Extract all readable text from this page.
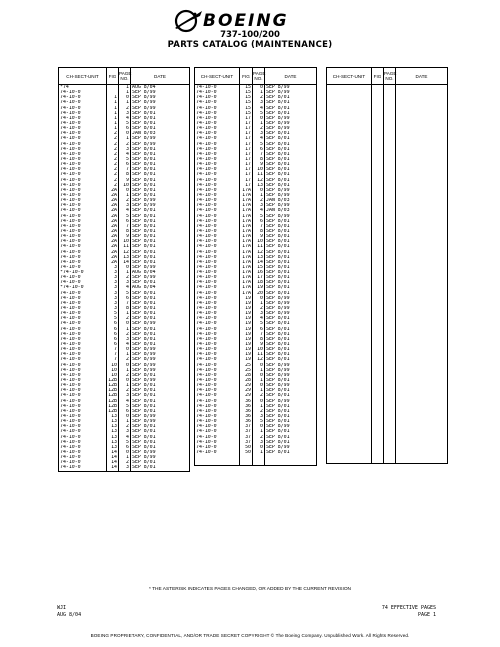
BOEING
737-100/200
PARTS CATALOG (MAINTENANCE)
CH-SECT-UNIT	FIG	PAGE NO.	DATE
*74		1	AUG 8/04
74-10-0		1	SEP 8/99
74-10-0	1	0	SEP 8/99
74-10-0	1	1	SEP 8/99
74-10-0	1	2	SEP 8/99
74-10-0	1	3	SEP 8/01
74-10-0	1	4	SEP 8/01
74-10-0	1	5	SEP 8/01
74-10-0	1	6	SEP 8/01
74-10-0	2	0	JAN 8/03
74-10-0	2	1	SEP 8/99
74-10-0	2	2	SEP 8/99
74-10-0	2	3	SEP 8/01
74-10-0	2	4	SEP 8/01
74-10-0	2	5	SEP 8/01
74-10-0	2	6	SEP 8/01
74-10-0	2	7	SEP 8/01
74-10-0	2	8	SEP 8/01
74-10-0	2	9	SEP 8/01
74-10-0	2	10	SEP 8/01
74-10-0	2A	0	SEP 8/01
74-10-0	2A	1	SEP 8/01
74-10-0	2A	2	SEP 8/99
74-10-0	2A	3	SEP 8/99
74-10-0	2A	4	SEP 8/01
74-10-0	2A	5	SEP 8/01
74-10-0	2A	6	SEP 8/01
74-10-0	2A	7	SEP 8/01
74-10-0	2A	8	SEP 8/01
74-10-0	2A	9	SEP 8/01
74-10-0	2A	10	SEP 8/01
74-10-0	2A	11	SEP 8/01
74-10-0	2A	12	SEP 8/01
74-10-0	2A	13	SEP 8/01
74-10-0	2A	14	SEP 8/01
74-10-0	3	0	SEP 8/99
*74-10-0	3	1	AUG 8/04
74-10-0	3	2	SEP 8/99
74-10-0	3	3	SEP 8/01
*74-10-0	3	4	AUG 8/04
74-10-0	3	5	SEP 8/01
74-10-0	3	6	SEP 8/01
74-10-0	3	7	SEP 8/01
74-10-0	3	8	SEP 8/01
74-10-0	5	1	SEP 8/01
74-10-0	5	2	SEP 8/01
74-10-0	6	0	SEP 8/99
74-10-0	6	1	SEP 8/01
74-10-0	6	2	SEP 8/01
74-10-0	6	3	SEP 8/01
74-10-0	6	4	SEP 8/01
74-10-0	7	0	SEP 8/99
74-10-0	7	1	SEP 8/99
74-10-0	7	2	SEP 8/99
74-10-0	10	0	SEP 8/99
74-10-0	10	1	SEP 8/99
74-10-0	10	2	SEP 8/01
74-10-0	12B	0	SEP 8/99
74-10-0	12B	1	SEP 8/01
74-10-0	12B	2	SEP 8/01
74-10-0	12B	3	SEP 8/01
74-10-0	12B	4	SEP 8/01
74-10-0	12B	5	SEP 8/01
74-10-0	12B	6	SEP 8/01
74-10-0	13	0	SEP 8/99
74-10-0	13	1	SEP 8/99
74-10-0	13	2	SEP 8/01
74-10-0	13	3	SEP 8/01
74-10-0	13	4	SEP 8/01
74-10-0	13	5	SEP 8/01
74-10-0	13	6	SEP 8/01
74-10-0	14	0	SEP 8/99
74-10-0	14	1	SEP 8/99
74-10-0	14	2	SEP 8/01
74-10-0	14	3	SEP 8/01
CH-SECT-UNIT	FIG	PAGE NO.	DATE
74-10-0	15	0	SEP 8/99
74-10-0	15	1	SEP 8/99
74-10-0	15	2	SEP 8/01
74-10-0	15	3	SEP 8/01
74-10-0	15	4	SEP 8/01
74-10-0	15	5	SEP 8/01
74-10-0	17	0	SEP 8/99
74-10-0	17	1	SEP 8/99
74-10-0	17	2	SEP 8/99
74-10-0	17	3	SEP 8/01
74-10-0	17	4	SEP 8/01
74-10-0	17	5	SEP 8/01
74-10-0	17	6	SEP 8/01
74-10-0	17	7	SEP 8/01
74-10-0	17	8	SEP 8/01
74-10-0	17	9	SEP 8/01
74-10-0	17	10	SEP 8/01
74-10-0	17	11	SEP 8/01
74-10-0	17	12	SEP 8/01
74-10-0	17	13	SEP 8/01
74-10-0	17A	0	SEP 8/99
74-10-0	17A	1	SEP 8/99
74-10-0	17A	2	JAN 8/03
74-10-0	17A	3	SEP 8/99
74-10-0	17A	4	JAN 8/03
74-10-0	17A	5	SEP 8/99
74-10-0	17A	6	SEP 8/01
74-10-0	17A	7	SEP 8/01
74-10-0	17A	8	SEP 8/01
74-10-0	17A	9	SEP 8/01
74-10-0	17A	10	SEP 8/01
74-10-0	17A	11	SEP 8/01
74-10-0	17A	12	SEP 8/01
74-10-0	17A	13	SEP 8/01
74-10-0	17A	14	SEP 8/01
74-10-0	17A	15	SEP 8/01
74-10-0	17A	16	SEP 8/01
74-10-0	17A	17	SEP 8/01
74-10-0	17A	18	SEP 8/01
74-10-0	17A	19	SEP 8/01
74-10-0	17A	20	SEP 8/01
74-10-0	19	0	SEP 8/99
74-10-0	19	1	SEP 8/99
74-10-0	19	2	SEP 8/99
74-10-0	19	3	SEP 8/99
74-10-0	19	4	SEP 8/01
74-10-0	19	5	SEP 8/01
74-10-0	19	6	SEP 8/01
74-10-0	19	7	SEP 8/01
74-10-0	19	8	SEP 8/01
74-10-0	19	9	SEP 8/01
74-10-0	19	10	SEP 8/01
74-10-0	19	11	SEP 8/01
74-10-0	19	12	SEP 8/01
74-10-0	25	0	SEP 8/99
74-10-0	25	1	SEP 8/99
74-10-0	28	0	SEP 8/99
74-10-0	28	1	SEP 8/01
74-10-0	29	0	SEP 8/99
74-10-0	29	1	SEP 8/01
74-10-0	29	2	SEP 8/01
74-10-0	36	0	SEP 8/99
74-10-0	36	1	SEP 8/01
74-10-0	36	2	SEP 8/01
74-10-0	36	3	SEP 8/01
74-10-0	36	5	SEP 8/01
74-10-0	37	0	SEP 8/99
74-10-0	37	1	SEP 8/01
74-10-0	37	2	SEP 8/01
74-10-0	37	3	SEP 8/01
74-10-0	50	0	SEP 8/99
74-10-0	50	1	SEP 8/01

CH-SECT-UNIT	FIG	PAGE NO.	DATE

* THE ASTERISK INDICATES PAGES CHANGED, OR ADDED BY THE CURRENT REVISION
WJI
AUG 8/04
74 EFFECTIVE PAGES
PAGE 1
BOEING PROPRIETARY, CONFIDENTIAL, AND/OR TRADE SECRET COPYRIGHT © The Boeing Company. Unpublished Work. All Rights Reserved.
